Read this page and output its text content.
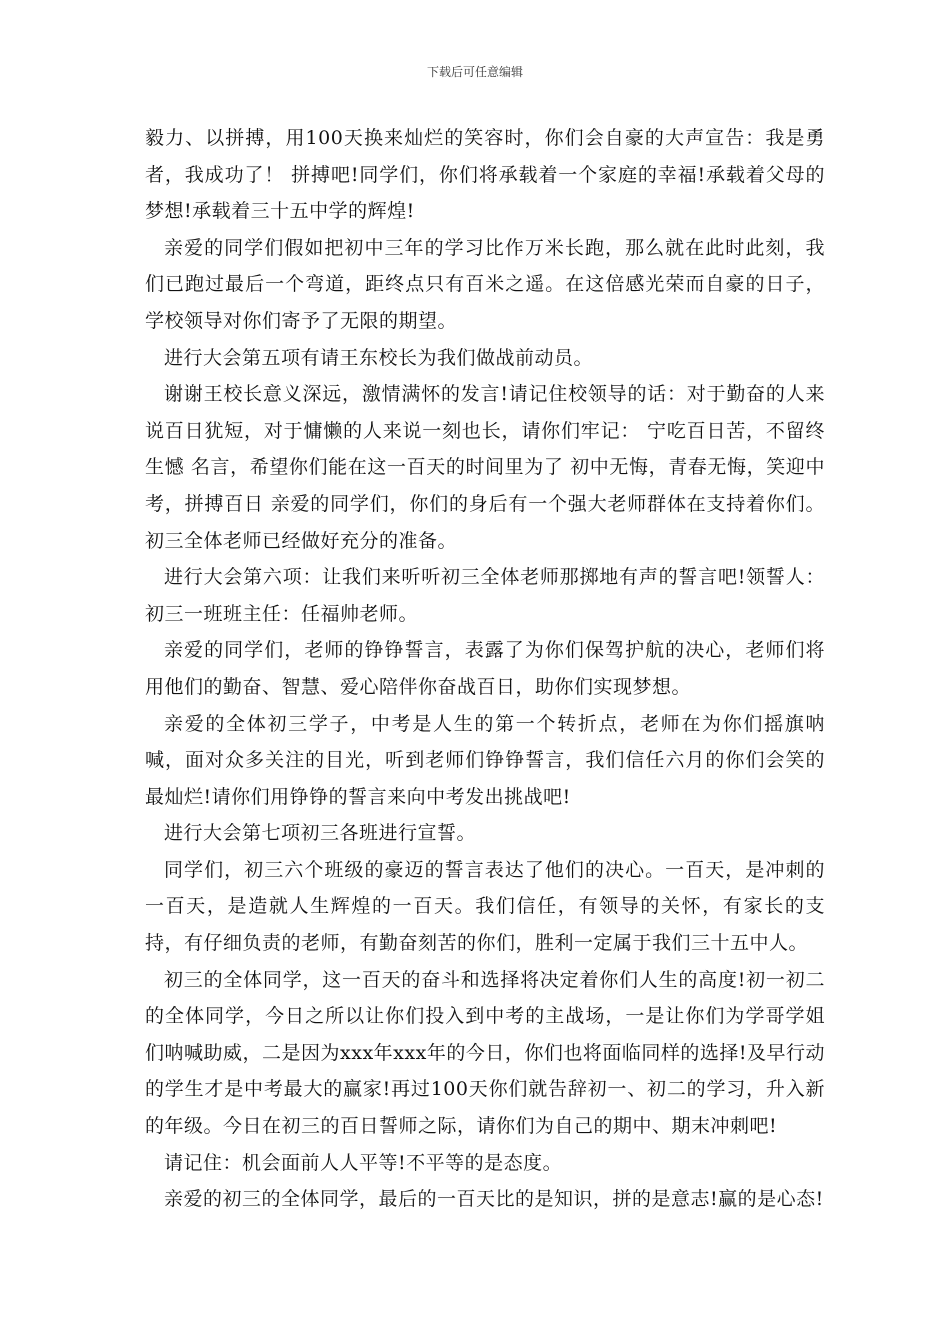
下载后可任意编辑

毅力、以拼搏，用100天换来灿烂的笑容时，你们会自豪的大声宣告：我是勇者，我成功了！ 拼搏吧!同学们，你们将承载着一个家庭的幸福!承载着父母的梦想!承载着三十五中学的辉煌!

亲爱的同学们假如把初中三年的学习比作万米长跑，那么就在此时此刻，我们已跑过最后一个弯道，距终点只有百米之遥。在这倍感光荣而自豪的日子，学校领导对你们寄予了无限的期望。

进行大会第五项有请王东校长为我们做战前动员。

谢谢王校长意义深远，激情满怀的发言!请记住校领导的话：对于勤奋的人来说百日犹短，对于慵懒的人来说一刻也长，请你们牢记： 宁吃百日苦，不留终生憾 名言，希望你们能在这一百天的时间里为了 初中无悔，青春无悔，笑迎中考，拼搏百日 亲爱的同学们，你们的身后有一个强大老师群体在支持着你们。初三全体老师已经做好充分的准备。

进行大会第六项：让我们来听听初三全体老师那掷地有声的誓言吧!领誓人：初三一班班主任：任福帅老师。

亲爱的同学们，老师的铮铮誓言，表露了为你们保驾护航的决心，老师们将用他们的勤奋、智慧、爱心陪伴你奋战百日，助你们实现梦想。

亲爱的全体初三学子，中考是人生的第一个转折点，老师在为你们摇旗呐喊，面对众多关注的目光，听到老师们铮铮誓言，我们信任六月的你们会笑的最灿烂!请你们用铮铮的誓言来向中考发出挑战吧!

进行大会第七项初三各班进行宣誓。

同学们，初三六个班级的豪迈的誓言表达了他们的决心。一百天，是冲刺的一百天，是造就人生辉煌的一百天。我们信任，有领导的关怀，有家长的支持，有仔细负责的老师，有勤奋刻苦的你们，胜利一定属于我们三十五中人。

初三的全体同学，这一百天的奋斗和选择将决定着你们人生的高度!初一初二的全体同学，今日之所以让你们投入到中考的主战场，一是让你们为学哥学姐们呐喊助威，二是因为xxx年xxx年的今日，你们也将面临同样的选择!及早行动的学生才是中考最大的赢家!再过100天你们就告辞初一、初二的学习，升入新的年级。今日在初三的百日誓师之际，请你们为自己的期中、期末冲刺吧!

请记住：机会面前人人平等!不平等的是态度。

亲爱的初三的全体同学，最后的一百天比的是知识，拼的是意志!赢的是心态!
